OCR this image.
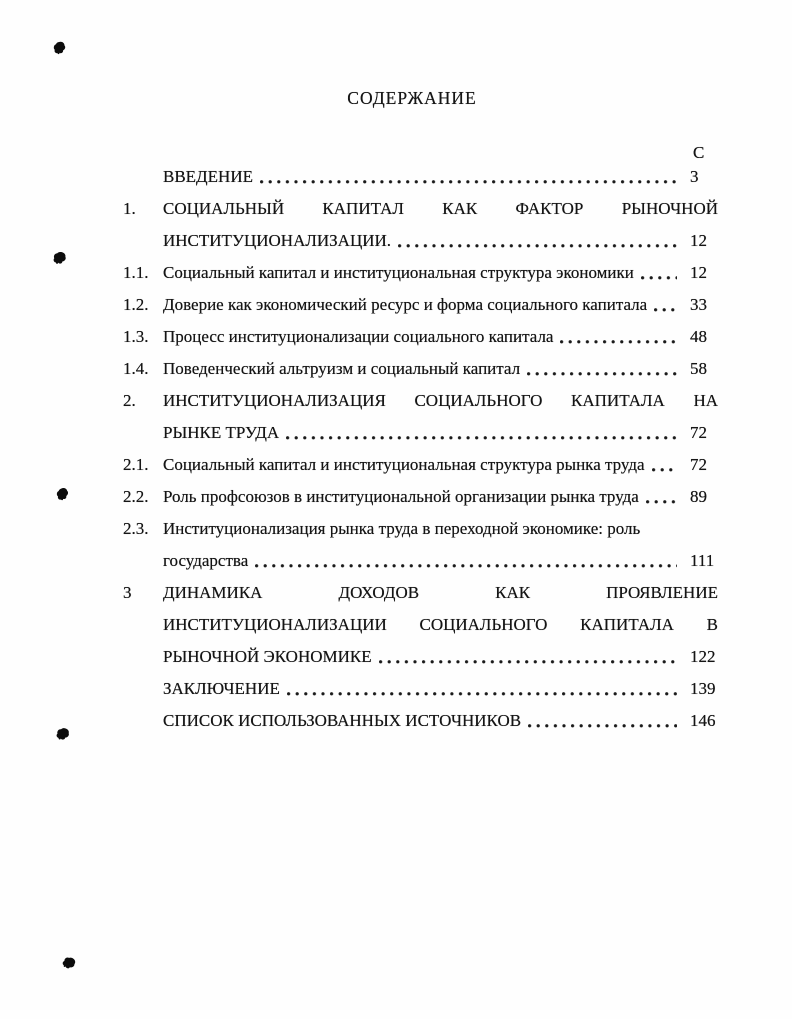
СОДЕРЖАНИЕ
С
ВВЕДЕНИЕ	3
1.	СОЦИАЛЬНЫЙ КАПИТАЛ КАК ФАКТОР РЫНОЧНОЙ
ИНСТИТУЦИОНАЛИЗАЦИИ.	12
1.1. Социальный капитал и институциональная структура экономики	12
1.2. Доверие как экономический ресурс и форма социального капитала	33
1.3. Процесс институционализации социального капитала	48
1.4. Поведенческий альтруизм и социальный капитал	58
2.	ИНСТИТУЦИОНАЛИЗАЦИЯ СОЦИАЛЬНОГО КАПИТАЛА НА
РЫНКЕ ТРУДА	72
2.1. Социальный капитал и институциональная структура рынка труда	72
2.2. Роль профсоюзов в институциональной организации рынка труда	89
2.3. Институционализация рынка труда в переходной экономике: роль
государства	111
3	ДИНАМИКА ДОХОДОВ КАК ПРОЯВЛЕНИЕ
ИНСТИТУЦИОНАЛИЗАЦИИ СОЦИАЛЬНОГО КАПИТАЛА В
РЫНОЧНОЙ ЭКОНОМИКЕ	122
ЗАКЛЮЧЕНИЕ	139
СПИСОК ИСПОЛЬЗОВАННЫХ ИСТОЧНИКОВ	146
